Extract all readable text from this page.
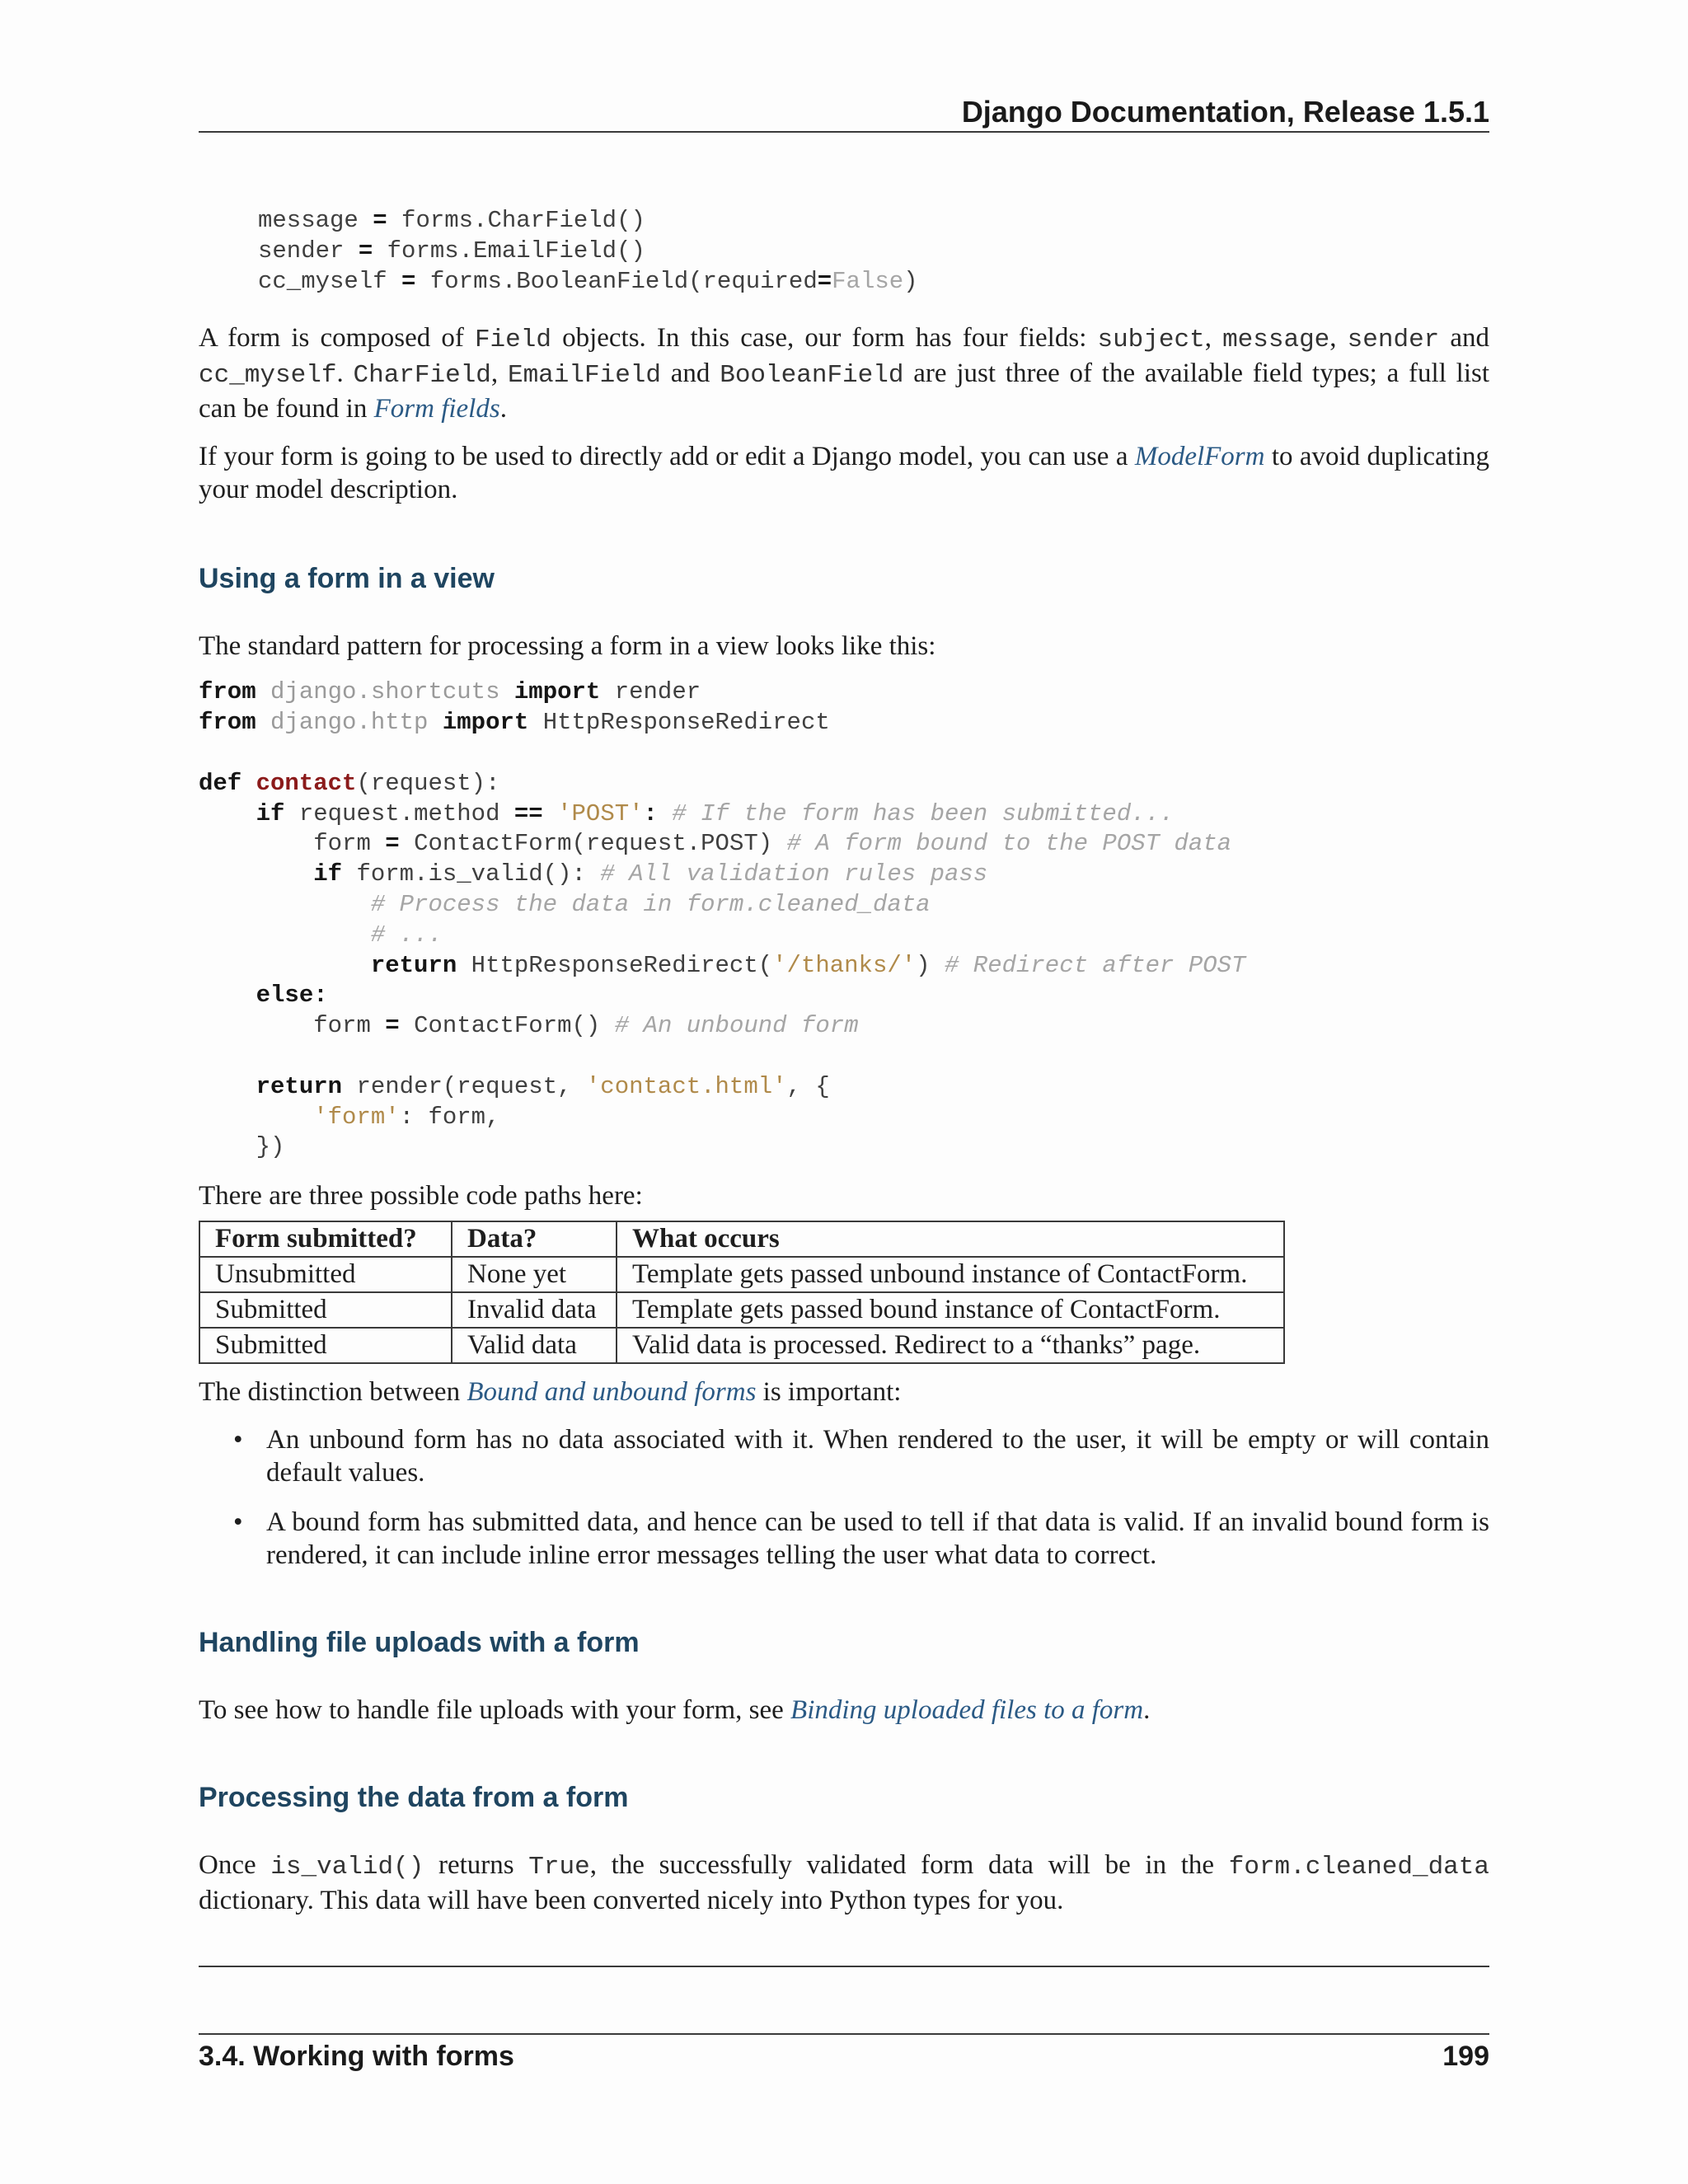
Django Documentation, Release 1.5.1
message = forms.CharField()
sender = forms.EmailField()
cc_myself = forms.BooleanField(required=False)

A form is composed of Field objects. In this case, our form has four fields: subject, message, sender and cc_myself. CharField, EmailField and BooleanField are just three of the available field types; a full list can be found in Form fields.

If your form is going to be used to directly add or edit a Django model, you can use a ModelForm to avoid duplicating your model description.

Using a form in a view

The standard pattern for processing a form in a view looks like this:

from django.shortcuts import render
from django.http import HttpResponseRedirect

def contact(request):
if request.method == 'POST': # If the form has been submitted...
form = ContactForm(request.POST) # A form bound to the POST data
if form.is_valid(): # All validation rules pass
# Process the data in form.cleaned_data
# ...
return HttpResponseRedirect('/thanks/') # Redirect after POST
else:
form = ContactForm() # An unbound form

return render(request, 'contact.html', {
'form': form,
})

There are three possible code paths here:

Form submitted?	Data?	What occurs
Unsubmitted	None yet	Template gets passed unbound instance of ContactForm.
Submitted	Invalid data	Template gets passed bound instance of ContactForm.
Submitted	Valid data	Valid data is processed. Redirect to a “thanks” page.

The distinction between Bound and unbound forms is important:

• An unbound form has no data associated with it. When rendered to the user, it will be empty or will contain default values.
• A bound form has submitted data, and hence can be used to tell if that data is valid. If an invalid bound form is rendered, it can include inline error messages telling the user what data to correct.
Handling file uploads with a form

To see how to handle file uploads with your form, see Binding uploaded files to a form.

Processing the data from a form

Once is_valid() returns True, the successfully validated form data will be in the form.cleaned_data dictionary. This data will have been converted nicely into Python types for you.

3.4. Working with forms	199
